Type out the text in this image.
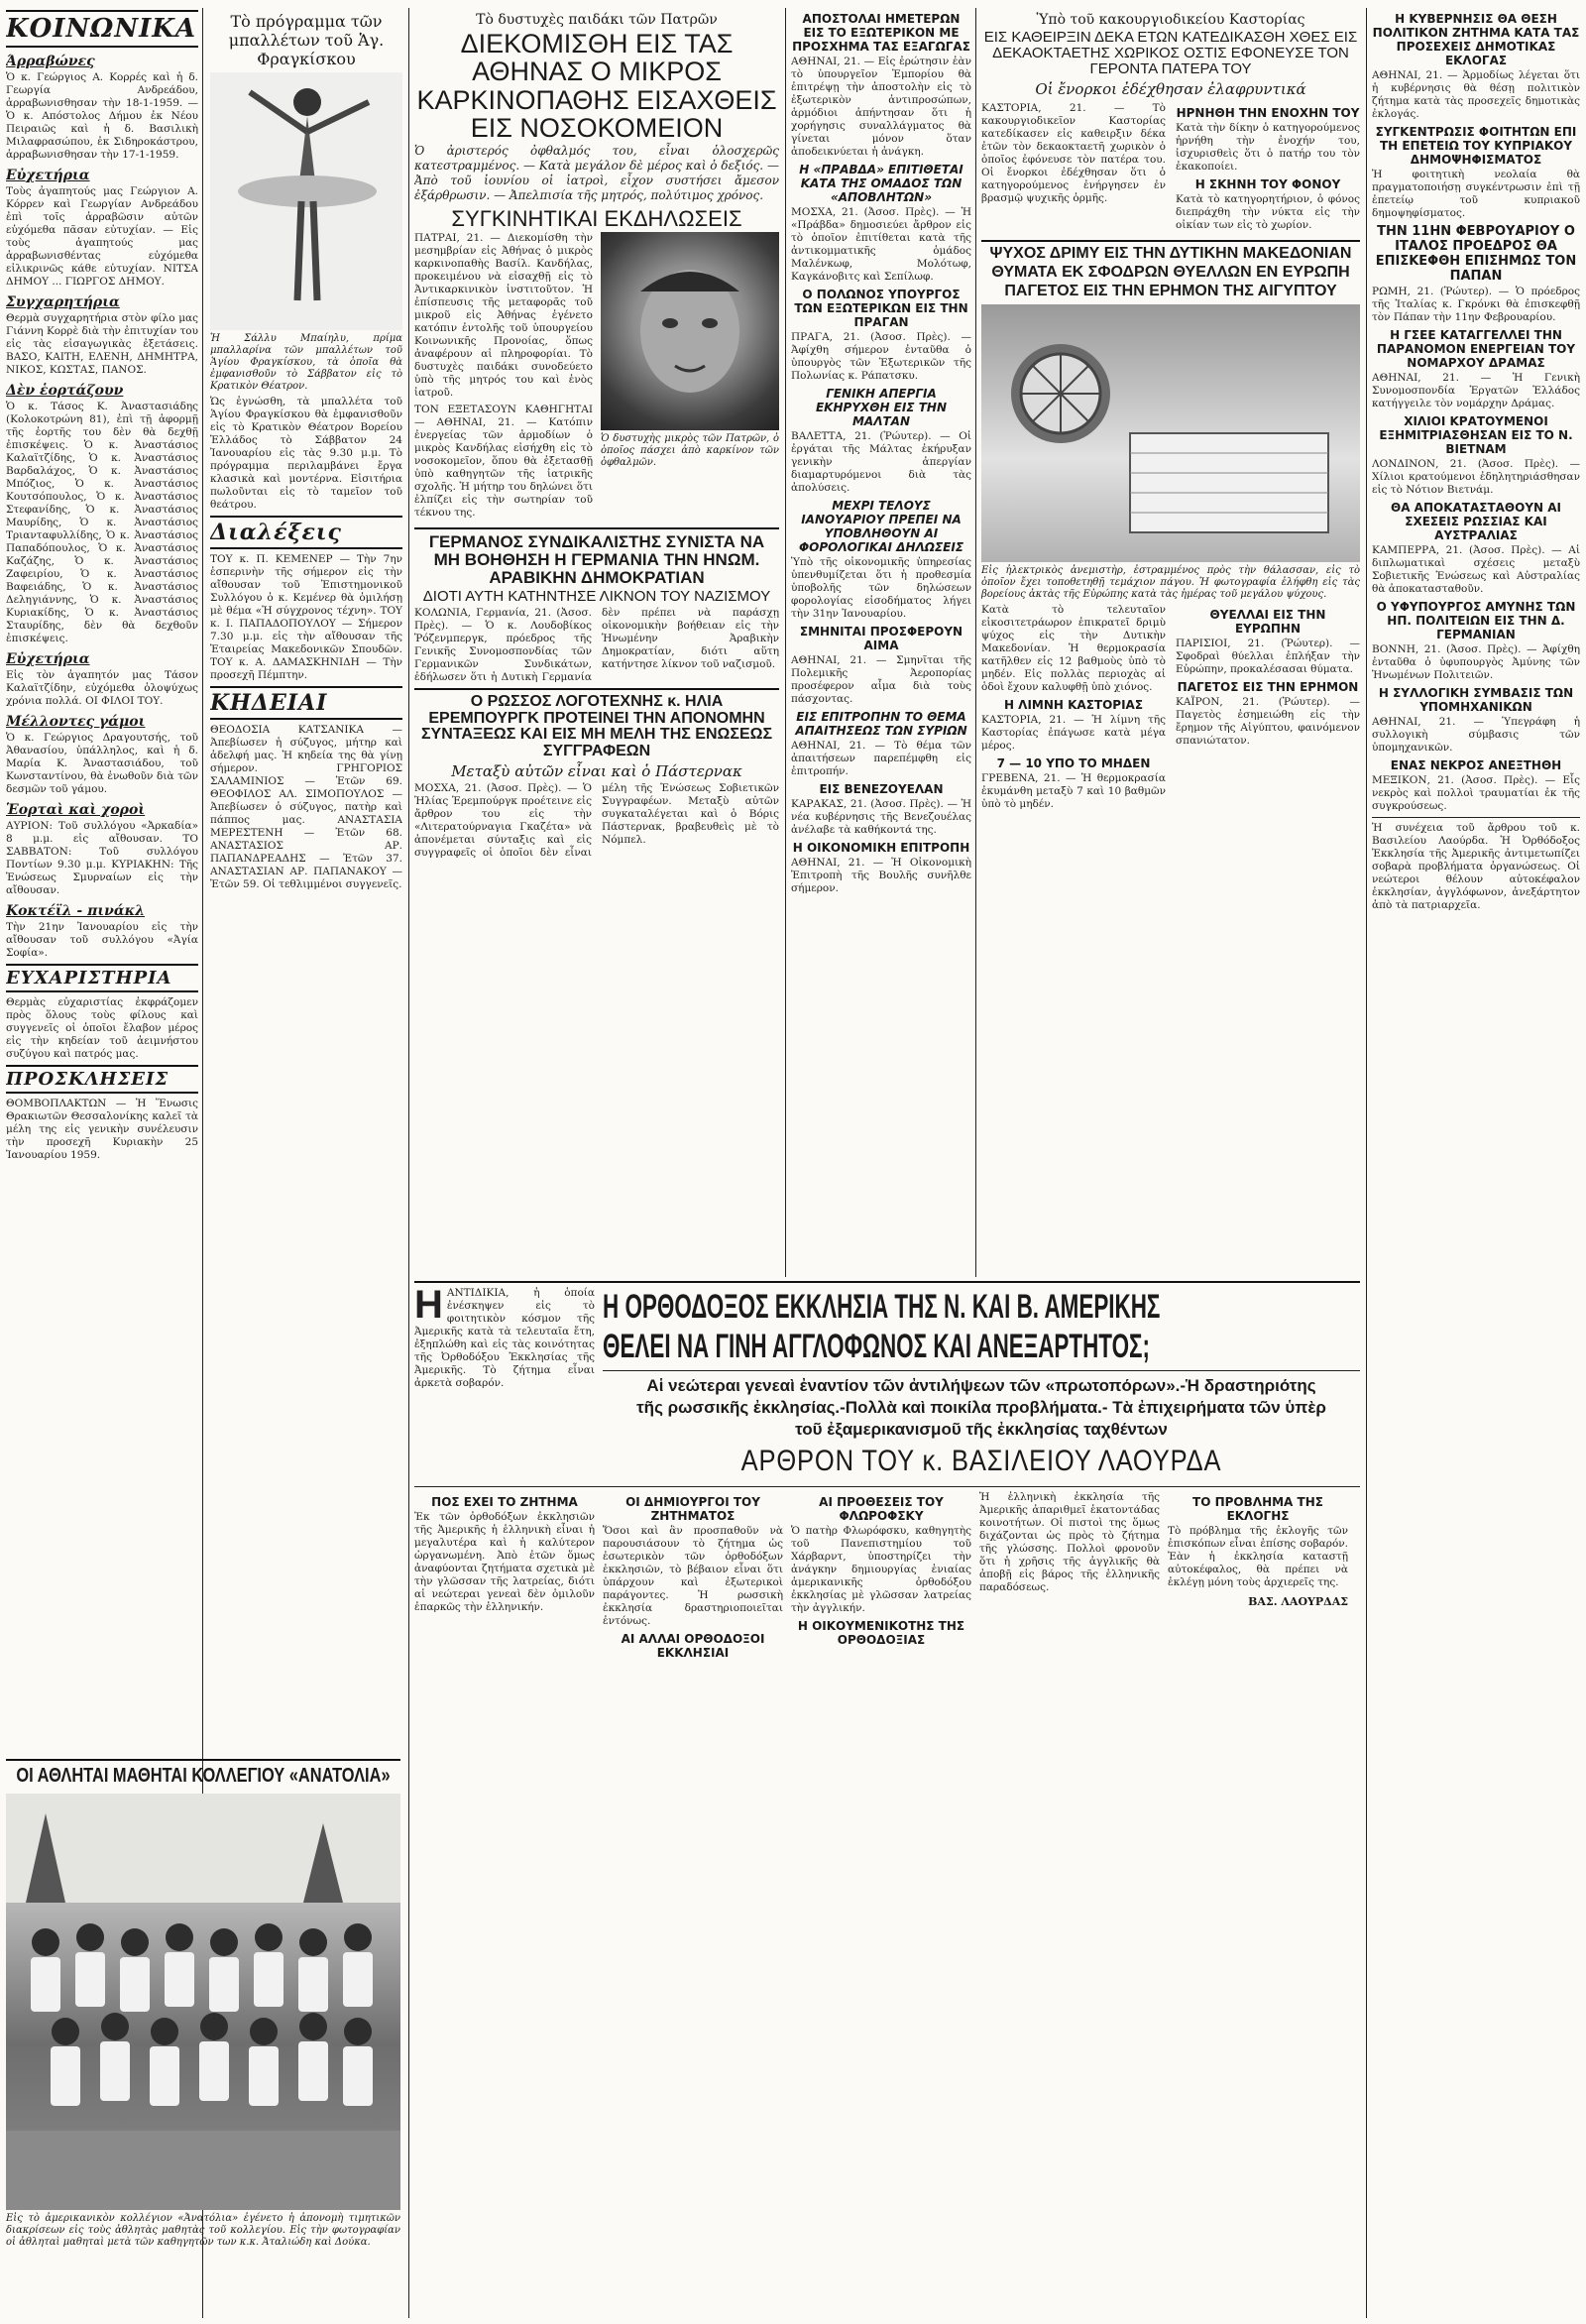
ΚΟΙΝΩΝΙΚΑ
Άρραβώνες

Ὁ κ. Γεώργιος Α. Κορρές καὶ ἡ δ. Γεωργία Ανδρεάδου, ἀρραβωνισθησαν τὴν 18-1-1959. — Ὁ κ. Απόστολος Δήμου ἐκ Νέου Πειραιῶς καὶ ἡ δ. Βασιλικὴ Μιλαφρασώπου, ἐκ Σιδηροκάστρου, ἀρραβωνισθησαν τὴν 17-1-1959.

Εὐχετήρια

Τοὺς ἀγαπητούς μας Γεώργιον Α. Κόρρεν καὶ Γεωργίαν Ανδρεάδου ἐπὶ τοῖς ἀρραβῶσιν αὐτῶν εὐχόμεθα πᾶσαν εὐτυχίαν. — Εἰς τοὺς ἀγαπητούς μας ἀρραβωνισθέντας εὐχόμεθα εἰλικρινῶς κάθε εὐτυχίαν. ΝΙΤΣΑ ΔΗΜΟΥ ... ΓΙΩΡΓΟΣ ΔΗΜΟΥ.

Συγχαρητήρια

Θερμὰ συγχαρητήρια στὸν φίλο μας Γιάννη Κορρὲ διὰ τὴν ἐπιτυχίαν του εἰς τὰς εἰσαγωγικὰς ἐξετάσεις. ΒΑΣΟ, ΚΑΙΤΗ, ΕΛΕΝΗ, ΔΗΜΗΤΡΑ, ΝΙΚΟΣ, ΚΩΣΤΑΣ, ΠΑΝΟΣ.

Δὲν ἑορτάζουν

Ὁ κ. Τάσος Κ. Ἀναστασιάδης (Κολοκοτρώνη 81), ἐπὶ τῇ ἀφορμῇ τῆς ἑορτῆς του δὲν θὰ δεχθῇ ἐπισκέψεις. Ὁ κ. Ἀναστάσιος Καλαϊτζίδης, Ὁ κ. Ἀναστάσιος Βαρδαλάχος, Ὁ κ. Ἀναστάσιος Μπόζιος, Ὁ κ. Ἀναστάσιος Κουτσόπουλος, Ὁ κ. Ἀναστάσιος Στεφανίδης, Ὁ κ. Ἀναστάσιος Μαυρίδης, Ὁ κ. Ἀναστάσιος Τριανταφυλλίδης, Ὁ κ. Ἀναστάσιος Παπαδόπουλος, Ὁ κ. Ἀναστάσιος Καζάζης, Ὁ κ. Ἀναστάσιος Ζαφειρίου, Ὁ κ. Ἀναστάσιος Βαφειάδης, Ὁ κ. Ἀναστάσιος Δεληγιάννης, Ὁ κ. Ἀναστάσιος Κυριακίδης, Ὁ κ. Ἀναστάσιος Σταυρίδης, δὲν θὰ δεχθοῦν ἐπισκέψεις.

Εὐχετήρια

Εἰς τὸν ἀγαπητόν μας Τάσον Καλαϊτζίδην, εὐχόμεθα ὁλοψύχως χρόνια πολλά. ΟΙ ΦΙΛΟΙ ΤΟΥ.

Μέλλοντες γάμοι

Ὁ κ. Γεώργιος Δραγουτσής, τοῦ Ἀθανασίου, ὑπάλληλος, καὶ ἡ δ. Μαρία Κ. Ἀναστασιάδου, τοῦ Κωνσταντίνου, θὰ ἐνωθοῦν διὰ τῶν δεσμῶν τοῦ γάμου.

Ἑορταὶ καὶ χοροὶ

ΑΥΡΙΟΝ: Τοῦ συλλόγου «Ἀρκαδία» 8 μ.μ. εἰς αἴθουσαν. ΤΟ ΣΑΒΒΑΤΟΝ: Τοῦ συλλόγου Ποντίων 9.30 μ.μ. ΚΥΡΙΑΚΗΝ: Τῆς Ἑνώσεως Σμυρναίων εἰς τὴν αἴθουσαν.

Κοκτέϊλ - πινάκλ

Τὴν 21ην Ἰανουαρίου εἰς τὴν αἴθουσαν τοῦ συλλόγου «Ἀγία Σοφία».

ΕΥΧΑΡΙΣΤΗΡΙΑ

Θερμὰς εὐχαριστίας ἐκφράζομεν πρὸς ὅλους τοὺς φίλους καὶ συγγενεῖς οἱ ὁποῖοι ἔλαβον μέρος εἰς τὴν κηδείαν τοῦ ἀειμνήστου συζύγου καὶ πατρός μας.

ΠΡΟΣΚΛΗΣΕΙΣ

ΘΟΜΒΟΠΛΑΚΤΩΝ — Ἡ Ἕνωσις Θρακιωτῶν Θεσσαλονίκης καλεῖ τὰ μέλη της εἰς γενικὴν συνέλευσιν τὴν προσεχῆ Κυριακὴν 25 Ἰανουαρίου 1959.

ΟΙ ΑΘΛΗΤΑΙ ΜΑΘΗΤΑΙ ΚΟΛΛΕΓΙΟΥ «ΑΝΑΤΟΛΙΑ»

Εἰς τὸ ἀμερικανικὸν κολλέγιον «Ἀνατόλια» ἐγένετο ἡ ἀπονομὴ τιμητικῶν διακρίσεων εἰς τοὺς ἀθλητὰς μαθητὰς τοῦ κολλεγίου. Εἰς τὴν φωτογραφίαν οἱ ἀθληταὶ μαθηταὶ μετὰ τῶν καθηγητῶν των κ.κ. Ἀταλιώδη καὶ Δούκα.

Τὸ πρόγραμμα τῶν μπαλλέτων τοῦ Ἁγ. Φραγκίσκου

Ἡ Σάλλυ Μπαίηλυ, πρίμα μπαλλαρίνα τῶν μπαλλέτων τοῦ Ἁγίου Φραγκίσκου, τὰ ὁποῖα θὰ ἐμφανισθοῦν τὸ Σάββατον εἰς τὸ Κρατικὸν Θέατρον.

Ὡς ἐγνώσθη, τὰ μπαλλέτα τοῦ Ἁγίου Φραγκίσκου θὰ ἐμφανισθοῦν εἰς τὸ Κρατικὸν Θέατρον Βορείου Ἑλλάδος τὸ Σάββατον 24 Ἰανουαρίου εἰς τὰς 9.30 μ.μ. Τὸ πρόγραμμα περιλαμβάνει ἔργα κλασικὰ καὶ μοντέρνα. Εἰσιτήρια πωλοῦνται εἰς τὸ ταμεῖον τοῦ θεάτρου.

Διαλέξεις

ΤΟΥ κ. Π. ΚΕΜΕΝΕΡ — Τὴν 7ην ἑσπερινὴν τῆς σήμερον εἰς τὴν αἴθουσαν τοῦ Ἐπιστημονικοῦ Συλλόγου ὁ κ. Κεμένερ θὰ ὁμιλήσῃ μὲ θέμα «Ἡ σύγχρονος τέχνη». ΤΟΥ κ. Ι. ΠΑΠΑΔΟΠΟΥΛΟΥ — Σήμερον 7.30 μ.μ. εἰς τὴν αἴθουσαν τῆς Ἑταιρείας Μακεδονικῶν Σπουδῶν. ΤΟΥ κ. Α. ΔΑΜΑΣΚΗΝΙΔΗ — Τὴν προσεχῆ Πέμπτην.

ΚΗΔΕΙΑΙ

ΘΕΟΔΟΣΙΑ ΚΑΤΣΑΝΙΚΑ — Ἀπεβίωσεν ἡ σύζυγος, μήτηρ καὶ ἀδελφή μας. Ἡ κηδεία της θὰ γίνῃ σήμερον. ΓΡΗΓΟΡΙΟΣ ΣΑΛΑΜΙΝΙΟΣ — Ἐτῶν 69. ΘΕΟΦΙΛΟΣ ΑΛ. ΣΙΜΟΠΟΥΛΟΣ — Ἀπεβίωσεν ὁ σύζυγος, πατὴρ καὶ πάππος μας. ΑΝΑΣΤΑΣΙΑ ΜΕΡΕΣΤΕΝΗ — Ἐτῶν 68. ΑΝΑΣΤΑΣΙΟΣ ΑΡ. ΠΑΠΑΝΔΡΕΑΔΗΣ — Ἐτῶν 37. ΑΝΑΣΤΑΣΙΑΝ ΑΡ. ΠΑΠΑΝΑΚΟΥ — Ἐτῶν 59. Οἱ τεθλιμμένοι συγγενεῖς.

Τὸ δυστυχὲς παιδάκι τῶν Πατρῶν
ΔΙΕΚΟΜΙΣΘΗ ΕΙΣ ΤΑΣ ΑΘΗΝΑΣ Ο ΜΙΚΡΟΣ ΚΑΡΚΙΝΟΠΑΘΗΣ ΕΙΣΑΧΘΕΙΣ ΕΙΣ ΝΟΣΟΚΟΜΕΙΟΝ

Ὁ ἀριστερός ὀφθαλμός του, εἶναι ὁλοσχερῶς κατεστραμμένος. — Κατὰ μεγάλον δὲ μέρος καὶ ὁ δεξιός. — Ἀπὸ τοῦ ἰουνίου οἱ ἰατροὶ, εἶχον συστήσει ἄμεσον ἐξάρθρωσιν. — Ἀπελπισία τῆς μητρός, πολύτιμος χρόνος.

ΣΥΓΚΙΝΗΤΙΚΑΙ ΕΚΔΗΛΩΣΕΙΣ

ΠΑΤΡΑΙ, 21. — Διεκομίσθη τὴν μεσημβρίαν εἰς Ἀθήνας ὁ μικρὸς καρκινοπαθὴς Βασίλ. Κανδήλας, προκειμένου νὰ εἰσαχθῇ εἰς τὸ Ἀντικαρκινικὸν ἰνστιτοῦτον. Ἡ ἐπίσπευσις τῆς μεταφορᾶς τοῦ μικροῦ εἰς Ἀθήνας ἐγένετο κατόπιν ἐντολῆς τοῦ ὑπουργείου Κοινωνικῆς Προνοίας, ὅπως ἀναφέρουν αἱ πληροφορίαι. Τὸ δυστυχὲς παιδάκι συνοδεύετο ὑπὸ τῆς μητρός του καὶ ἑνὸς ἰατροῦ.

ΤΟΝ ΕΞΕΤΑΣΟΥΝ ΚΑΘΗΓΗΤΑΙ — ΑΘΗΝΑΙ, 21. — Κατόπιν ἐνεργείας τῶν ἁρμοδίων ὁ μικρὸς Κανδήλας εἰσήχθη εἰς τὸ νοσοκομεῖον, ὅπου θὰ ἐξετασθῇ ὑπὸ καθηγητῶν τῆς ἰατρικῆς σχολῆς. Ἡ μήτηρ του δηλώνει ὅτι ἐλπίζει εἰς τὴν σωτηρίαν τοῦ τέκνου της.

Ὁ δυστυχὴς μικρὸς τῶν Πατρῶν, ὁ ὁποῖος πάσχει ἀπὸ καρκίνον τῶν ὀφθαλμῶν.

ΓΕΡΜΑΝΟΣ ΣΥΝΔΙΚΑΛΙΣΤΗΣ ΣΥΝΙΣΤΑ ΝΑ ΜΗ ΒΟΗΘΗΣΗ Η ΓΕΡΜΑΝΙΑ ΤΗΝ ΗΝΩΜ. ΑΡΑΒΙΚΗΝ ΔΗΜΟΚΡΑΤΙΑΝ
ΔΙΟΤΙ ΑΥΤΗ ΚΑΤΗΝΤΗΣΕ ΛΙΚΝΟΝ ΤΟΥ ΝΑΖΙΣΜΟΥ

ΚΟΛΩΝΙΑ, Γερμανία, 21. (Ἀσοσ. Πρὲς). — Ὁ κ. Λουδοβίκος Ῥόζενμπεργκ, πρόεδρος τῆς Γενικῆς Συνομοσπονδίας τῶν Γερμανικῶν Συνδικάτων, ἐδήλωσεν ὅτι ἡ Δυτικὴ Γερμανία δὲν πρέπει νὰ παράσχῃ οἰκονομικὴν βοήθειαν εἰς τὴν Ἡνωμένην Ἀραβικὴν Δημοκρατίαν, διότι αὕτη κατήντησε λίκνον τοῦ ναζισμοῦ.

Ο ΡΩΣΣΟΣ ΛΟΓΟΤΕΧΝΗΣ κ. ΗΛΙΑ ΕΡΕΜΠΟΥΡΓΚ ΠΡΟΤΕΙΝΕΙ ΤΗΝ ΑΠΟΝΟΜΗΝ ΣΥΝΤΑΞΕΩΣ ΚΑΙ ΕΙΣ ΜΗ ΜΕΛΗ ΤΗΣ ΕΝΩΣΕΩΣ ΣΥΓΓΡΑΦΕΩΝ
Μεταξὺ αὐτῶν εἶναι καὶ ὁ Πάστερνακ

ΜΟΣΧΑ, 21. (Ἀσοσ. Πρὲς). — Ὁ Ἠλίας Ἐρεμπούργκ προέτεινε εἰς ἄρθρον του εἰς τὴν «Λιτερατούρναγια Γκαζέτα» νὰ ἀπονέμεται σύνταξις καὶ εἰς συγγραφεῖς οἱ ὁποῖοι δὲν εἶναι μέλη τῆς Ἑνώσεως Σοβιετικῶν Συγγραφέων. Μεταξὺ αὐτῶν συγκαταλέγεται καὶ ὁ Βόρις Πάστερνακ, βραβευθεὶς μὲ τὸ Νόμπελ.

ΑΠΟΣΤΟΛΑΙ ΗΜΕΤΕΡΩΝ ΕΙΣ ΤΟ ΕΞΩΤΕΡΙΚΟΝ ΜΕ ΠΡΟΣΧΗΜΑ ΤΑΣ ΕΞΑΓΩΓΑΣ

ΑΘΗΝΑΙ, 21. — Εἰς ἐρώτησιν ἐὰν τὸ ὑπουργεῖον Ἐμπορίου θὰ ἐπιτρέψῃ τὴν ἀποστολὴν εἰς τὸ ἐξωτερικὸν ἀντιπροσώπων, ἁρμόδιοι ἀπήντησαν ὅτι ἡ χορήγησις συναλλάγματος θὰ γίνεται μόνον ὅταν ἀποδεικνύεται ἡ ἀνάγκη.

Η «ΠΡΑΒΔΑ» ΕΠΙΤΙΘΕΤΑΙ ΚΑΤΑ ΤΗΣ ΟΜΑΔΟΣ ΤΩΝ «ΑΠΟΒΛΗΤΩΝ»

ΜΟΣΧΑ, 21. (Ἀσοσ. Πρὲς). — Ἡ «Πράβδα» δημοσιεύει ἄρθρον εἰς τὸ ὁποῖον ἐπιτίθεται κατὰ τῆς ἀντικομματικῆς ὁμάδος Μαλένκωφ, Μολότωφ, Καγκάνοβιτς καὶ Σεπίλωφ.

Ο ΠΟΛΩΝΟΣ ΥΠΟΥΡΓΟΣ ΤΩΝ ΕΞΩΤΕΡΙΚΩΝ ΕΙΣ ΤΗΝ ΠΡΑΓΑΝ

ΠΡΑΓΑ, 21. (Ἀσοσ. Πρὲς). — Ἀφίχθη σήμερον ἐνταῦθα ὁ ὑπουργὸς τῶν Ἐξωτερικῶν τῆς Πολωνίας κ. Ράπατσκυ.

ΓΕΝΙΚΗ ΑΠΕΡΓΙΑ ΕΚΗΡΥΧΘΗ ΕΙΣ ΤΗΝ ΜΑΛΤΑΝ

ΒΑΛΕΤΤΑ, 21. (Ῥώυτερ). — Οἱ ἐργάται τῆς Μάλτας ἐκήρυξαν γενικὴν ἀπεργίαν διαμαρτυρόμενοι διὰ τὰς ἀπολύσεις.

ΜΕΧΡΙ ΤΕΛΟΥΣ ΙΑΝΟΥΑΡΙΟΥ ΠΡΕΠΕΙ ΝΑ ΥΠΟΒΛΗΘΟΥΝ ΑΙ ΦΟΡΟΛΟΓΙΚΑΙ ΔΗΛΩΣΕΙΣ

Ὑπὸ τῆς οἰκονομικῆς ὑπηρεσίας ὑπενθυμίζεται ὅτι ἡ προθεσμία ὑποβολῆς τῶν δηλώσεων φορολογίας εἰσοδήματος λήγει τὴν 31ην Ἰανουαρίου.

ΣΜΗΝΙΤΑΙ ΠΡΟΣΦΕΡΟΥΝ ΑΙΜΑ

ΑΘΗΝΑΙ, 21. — Σμηνῖται τῆς Πολεμικῆς Ἀεροπορίας προσέφερον αἷμα διὰ τοὺς πάσχοντας.

ΕΙΣ ΕΠΙΤΡΟΠΗΝ ΤΟ ΘΕΜΑ ΑΠΑΙΤΗΣΕΩΣ ΤΩΝ ΣΥΡΙΩΝ

ΑΘΗΝΑΙ, 21. — Τὸ θέμα τῶν ἀπαιτήσεων παρεπέμφθη εἰς ἐπιτροπήν.

ΕΙΣ ΒΕΝΕΖΟΥΕΛΑΝ

ΚΑΡΑΚΑΣ, 21. (Ἀσοσ. Πρὲς). — Ἡ νέα κυβέρνησις τῆς Βενεζουέλας ἀνέλαβε τὰ καθήκοντά της.

Η ΟΙΚΟΝΟΜΙΚΗ ΕΠΙΤΡΟΠΗ

ΑΘΗΝΑΙ, 21. — Ἡ Οἰκονομικὴ Ἐπιτροπὴ τῆς Βουλῆς συνῆλθε σήμερον.

Ὑπὸ τοῦ κακουργιοδικείου Καστορίας
ΕΙΣ ΚΑΘΕΙΡΞΙΝ ΔΕΚΑ ΕΤΩΝ ΚΑΤΕΔΙΚΑΣΘΗ ΧΘΕΣ ΕΙΣ ΔΕΚΑΟΚΤΑΕΤΗΣ ΧΩΡΙΚΟΣ ΟΣΤΙΣ ΕΦΟΝΕΥΣΕ ΤΟΝ ΓΕΡΟΝΤΑ ΠΑΤΕΡΑ ΤΟΥ
Οἱ ἔνορκοι ἐδέχθησαν ἐλαφρυντικά

ΚΑΣΤΟΡΙΑ, 21. — Τὸ κακουργιοδικεῖον Καστορίας κατεδίκασεν εἰς καθειρξιν δέκα ἐτῶν τὸν δεκαοκταετῆ χωρικὸν ὁ ὁποῖος ἐφόνευσε τὸν πατέρα του. Οἱ ἔνορκοι ἐδέχθησαν ὅτι ὁ κατηγορούμενος ἐνήργησεν ἐν βρασμῷ ψυχικῆς ὁρμῆς.

ΗΡΝΗΘΗ ΤΗΝ ΕΝΟΧΗΝ ΤΟΥ

Κατὰ τὴν δίκην ὁ κατηγορούμενος ἠρνήθη τὴν ἐνοχήν του, ἰσχυρισθεὶς ὅτι ὁ πατήρ του τὸν ἐκακοποίει.

Η ΣΚΗΝΗ ΤΟΥ ΦΟΝΟΥ

Κατὰ τὸ κατηγορητήριον, ὁ φόνος διεπράχθη τὴν νύκτα εἰς τὴν οἰκίαν των εἰς τὸ χωρίον.

ΨΥΧΟΣ ΔΡΙΜΥ ΕΙΣ ΤΗΝ ΔΥΤΙΚΗΝ ΜΑΚΕΔΟΝΙΑΝ
ΘΥΜΑΤΑ ΕΚ ΣΦΟΔΡΩΝ ΘΥΕΛΛΩΝ ΕΝ ΕΥΡΩΠΗ
ΠΑΓΕΤΟΣ ΕΙΣ ΤΗΝ ΕΡΗΜΟΝ ΤΗΣ ΑΙΓΥΠΤΟΥ

Εἰς ἠλεκτρικὸς ἀνεμιστὴρ, ἐστραμμένος πρὸς τὴν θάλασσαν, εἰς τὸ ὁποῖον ἔχει τοποθετηθῇ τεμάχιον πάγου. Ἡ φωτογραφία ἐλήφθη εἰς τὰς βορείους ἀκτὰς τῆς Εὐρώπης κατὰ τὰς ἡμέρας τοῦ μεγάλου ψύχους.

Κατὰ τὸ τελευταῖον εἰκοσιτετράωρον ἐπικρατεῖ δριμὺ ψύχος εἰς τὴν Δυτικὴν Μακεδονίαν. Ἡ θερμοκρασία κατῆλθεν εἰς 12 βαθμοὺς ὑπὸ τὸ μηδέν. Εἰς πολλὰς περιοχὰς αἱ ὁδοὶ ἔχουν καλυφθῇ ὑπὸ χιόνος.

Η ΛΙΜΝΗ ΚΑΣΤΟΡΙΑΣ

ΚΑΣΤΟΡΙΑ, 21. — Ἡ λίμνη τῆς Καστορίας ἐπάγωσε κατὰ μέγα μέρος.

7 — 10 ΥΠΟ ΤΟ ΜΗΔΕΝ

ΓΡΕΒΕΝΑ, 21. — Ἡ θερμοκρασία ἐκυμάνθη μεταξὺ 7 καὶ 10 βαθμῶν ὑπὸ τὸ μηδέν.

ΘΥΕΛΛΑΙ ΕΙΣ ΤΗΝ ΕΥΡΩΠΗΝ

ΠΑΡΙΣΙΟΙ, 21. (Ῥώυτερ). — Σφοδραὶ θύελλαι ἐπλήξαν τὴν Εὐρώπην, προκαλέσασαι θύματα.

ΠΑΓΕΤΟΣ ΕΙΣ ΤΗΝ ΕΡΗΜΟΝ

ΚΑΪΡΟΝ, 21. (Ῥώυτερ). — Παγετὸς ἐσημειώθη εἰς τὴν ἔρημον τῆς Αἰγύπτου, φαινόμενον σπανιώτατον.

Η ΚΥΒΕΡΝΗΣΙΣ ΘΑ ΘΕΣΗ ΠΟΛΙΤΙΚΟΝ ΖΗΤΗΜΑ ΚΑΤΑ ΤΑΣ ΠΡΟΣΕΧΕΙΣ ΔΗΜΟΤΙΚΑΣ ΕΚΛΟΓΑΣ

ΑΘΗΝΑΙ, 21. — Ἁρμοδίως λέγεται ὅτι ἡ κυβέρνησις θὰ θέσῃ πολιτικὸν ζήτημα κατὰ τὰς προσεχεῖς δημοτικὰς ἐκλογάς.

ΣΥΓΚΕΝΤΡΩΣΙΣ ΦΟΙΤΗΤΩΝ ΕΠΙ ΤΗ ΕΠΕΤΕΙΩ ΤΟΥ ΚΥΠΡΙΑΚΟΥ ΔΗΜΟΨΗΦΙΣΜΑΤΟΣ

Ἡ φοιτητικὴ νεολαία θὰ πραγματοποιήσῃ συγκέντρωσιν ἐπὶ τῇ ἐπετείῳ τοῦ κυπριακοῦ δημοψηφίσματος.

ΤΗΝ 11ΗΝ ΦΕΒΡΟΥΑΡΙΟΥ Ο ΙΤΑΛΟΣ ΠΡΟΕΔΡΟΣ ΘΑ ΕΠΙΣΚΕΦΘΗ ΕΠΙΣΗΜΩΣ ΤΟΝ ΠΑΠΑΝ

ΡΩΜΗ, 21. (Ῥώυτερ). — Ὁ πρόεδρος τῆς Ἰταλίας κ. Γκρόνκι θὰ ἐπισκεφθῇ τὸν Πάπαν τὴν 11ην Φεβρουαρίου.

Η ΓΣΕΕ ΚΑΤΑΓΓΕΛΛΕΙ ΤΗΝ ΠΑΡΑΝΟΜΟΝ ΕΝΕΡΓΕΙΑΝ ΤΟΥ ΝΟΜΑΡΧΟΥ ΔΡΑΜΑΣ

ΑΘΗΝΑΙ, 21. — Ἡ Γενικὴ Συνομοσπονδία Ἐργατῶν Ἑλλάδος κατήγγειλε τὸν νομάρχην Δράμας.

ΧΙΛΙΟΙ ΚΡΑΤΟΥΜΕΝΟΙ ΕΞΗΜΙΤΡΙΑΣΘΗΣΑΝ ΕΙΣ ΤΟ Ν. ΒΙΕΤΝΑΜ

ΛΟΝΔΙΝΟΝ, 21. (Ἀσοσ. Πρὲς). — Χίλιοι κρατούμενοι ἐδηλητηριάσθησαν εἰς τὸ Νότιον Βιετνάμ.

ΘΑ ΑΠΟΚΑΤΑΣΤΑΘΟΥΝ ΑΙ ΣΧΕΣΕΙΣ ΡΩΣΣΙΑΣ ΚΑΙ ΑΥΣΤΡΑΛΙΑΣ

ΚΑΜΠΕΡΡΑ, 21. (Ἀσοσ. Πρὲς). — Αἱ διπλωματικαὶ σχέσεις μεταξὺ Σοβιετικῆς Ἑνώσεως καὶ Αὐστραλίας θὰ ἀποκατασταθοῦν.

Ο ΥΦΥΠΟΥΡΓΟΣ ΑΜΥΝΗΣ ΤΩΝ ΗΠ. ΠΟΛΙΤΕΙΩΝ ΕΙΣ ΤΗΝ Δ. ΓΕΡΜΑΝΙΑΝ

ΒΟΝΝΗ, 21. (Ἀσοσ. Πρὲς). — Ἀφίχθη ἐνταῦθα ὁ ὑφυπουργὸς Ἀμύνης τῶν Ἡνωμένων Πολιτειῶν.

Η ΣΥΛΛΟΓΙΚΗ ΣΥΜΒΑΣΙΣ ΤΩΝ ΥΠΟΜΗΧΑΝΙΚΩΝ

ΑΘΗΝΑΙ, 21. — Ὑπεγράφη ἡ συλλογικὴ σύμβασις τῶν ὑπομηχανικῶν.

ΕΝΑΣ ΝΕΚΡΟΣ ΑΝΕΞΤΗΘΗ

ΜΕΞΙΚΟΝ, 21. (Ἀσοσ. Πρὲς). — Εἷς νεκρὸς καὶ πολλοὶ τραυματίαι ἐκ τῆς συγκρούσεως.

Ἡ συνέχεια τοῦ ἄρθρου τοῦ κ. Βασιλείου Λαούρδα. Ἡ Ὀρθόδοξος Ἐκκλησία τῆς Ἀμερικῆς ἀντιμετωπίζει σοβαρὰ προβλήματα ὀργανώσεως. Οἱ νεώτεροι θέλουν αὐτοκέφαλον ἐκκλησίαν, ἀγγλόφωνον, ἀνεξάρτητον ἀπὸ τὰ πατριαρχεῖα.

ΗΑΝΤΙΔΙΚΙΑ, ἡ ὁποία ἐνέσκηψεν εἰς τὸ φοιτητικὸν κόσμον τῆς Ἀμερικῆς κατὰ τὰ τελευταῖα ἔτη, ἐξηπλώθη καὶ εἰς τὰς κοινότητας τῆς Ὀρθοδόξου Ἐκκλησίας τῆς Ἀμερικῆς. Τὸ ζήτημα εἶναι ἀρκετὰ σοβαρόν.

Η ΟΡΘΟΔΟΞΟΣ ΕΚΚΛΗΣΙΑ ΤΗΣ Ν. ΚΑΙ Β. ΑΜΕΡΙΚΗΣ
ΘΕΛΕΙ ΝΑ ΓΙΝΗ ΑΓΓΛΟΦΩΝΟΣ ΚΑΙ ΑΝΕΞΑΡΤΗΤΟΣ;
Αἱ νεώτεραι γενεαὶ ἐναντίον τῶν ἀντιλήψεων τῶν «πρωτοπόρων».-Ἡ δραστηριότης τῆς ρωσσικῆς ἐκκλησίας.-Πολλὰ καὶ ποικίλα προβλήματα.- Τὰ ἐπιχειρήματα τῶν ὑπὲρ τοῦ ἐξαμερικανισμοῦ τῆς ἐκκλησίας ταχθέντων
ΑΡΘΡΟΝ ΤΟΥ κ. ΒΑΣΙΛΕΙΟΥ ΛΑΟΥΡΔΑ
ΠΟΣ ΕΧΕΙ ΤΟ ΖΗΤΗΜΑ

Ἐκ τῶν ὀρθοδόξων ἐκκλησιῶν τῆς Ἀμερικῆς ἡ ἑλληνικὴ εἶναι ἡ μεγαλυτέρα καὶ ἡ καλύτερον ὠργανωμένη. Ἀπὸ ἐτῶν ὅμως ἀναφύονται ζητήματα σχετικὰ μὲ τὴν γλῶσσαν τῆς λατρείας, διότι αἱ νεώτεραι γενεαὶ δὲν ὁμιλοῦν ἐπαρκῶς τὴν ἑλληνικήν.

ΟΙ ΔΗΜΙΟΥΡΓΟΙ ΤΟΥ ΖΗΤΗΜΑΤΟΣ

Ὅσοι καὶ ἂν προσπαθοῦν νὰ παρουσιάσουν τὸ ζήτημα ὡς ἐσωτερικὸν τῶν ὀρθοδόξων ἐκκλησιῶν, τὸ βέβαιον εἶναι ὅτι ὑπάρχουν καὶ ἐξωτερικοὶ παράγοντες. Ἡ ρωσσικὴ ἐκκλησία δραστηριοποιεῖται ἐντόνως.

ΑΙ ΑΛΛΑΙ ΟΡΘΟΔΟΞΟΙ ΕΚΚΛΗΣΙΑΙ
ΑΙ ΠΡΟΘΕΣΕΙΣ ΤΟΥ ΦΛΩΡΟΦΣΚΥ

Ὁ πατὴρ Φλωρόφσκυ, καθηγητὴς τοῦ Πανεπιστημίου τοῦ Χάρβαρντ, ὑποστηρίζει τὴν ἀνάγκην δημιουργίας ἑνιαίας ἀμερικανικῆς ὀρθοδόξου ἐκκλησίας μὲ γλῶσσαν λατρείας τὴν ἀγγλικήν.

Η ΟΙΚΟΥΜΕΝΙΚΟΤΗΣ ΤΗΣ ΟΡΘΟΔΟΞΙΑΣ

Ἡ ἑλληνικὴ ἐκκλησία τῆς Ἀμερικῆς ἀπαριθμεῖ ἑκατοντάδας κοινοτήτων. Οἱ πιστοὶ της ὅμως διχάζονται ὡς πρὸς τὸ ζήτημα τῆς γλώσσης. Πολλοὶ φρονοῦν ὅτι ἡ χρῆσις τῆς ἀγγλικῆς θὰ ἀποβῇ εἰς βάρος τῆς ἑλληνικῆς παραδόσεως.

ΤΟ ΠΡΟΒΛΗΜΑ ΤΗΣ ΕΚΛΟΓΗΣ

Τὸ πρόβλημα τῆς ἐκλογῆς τῶν ἐπισκόπων εἶναι ἐπίσης σοβαρόν. Ἐὰν ἡ ἐκκλησία καταστῇ αὐτοκέφαλος, θὰ πρέπει νὰ ἐκλέγῃ μόνη τοὺς ἀρχιερεῖς της.

ΒΑΣ. ΛΑΟΥΡΔΑΣ
